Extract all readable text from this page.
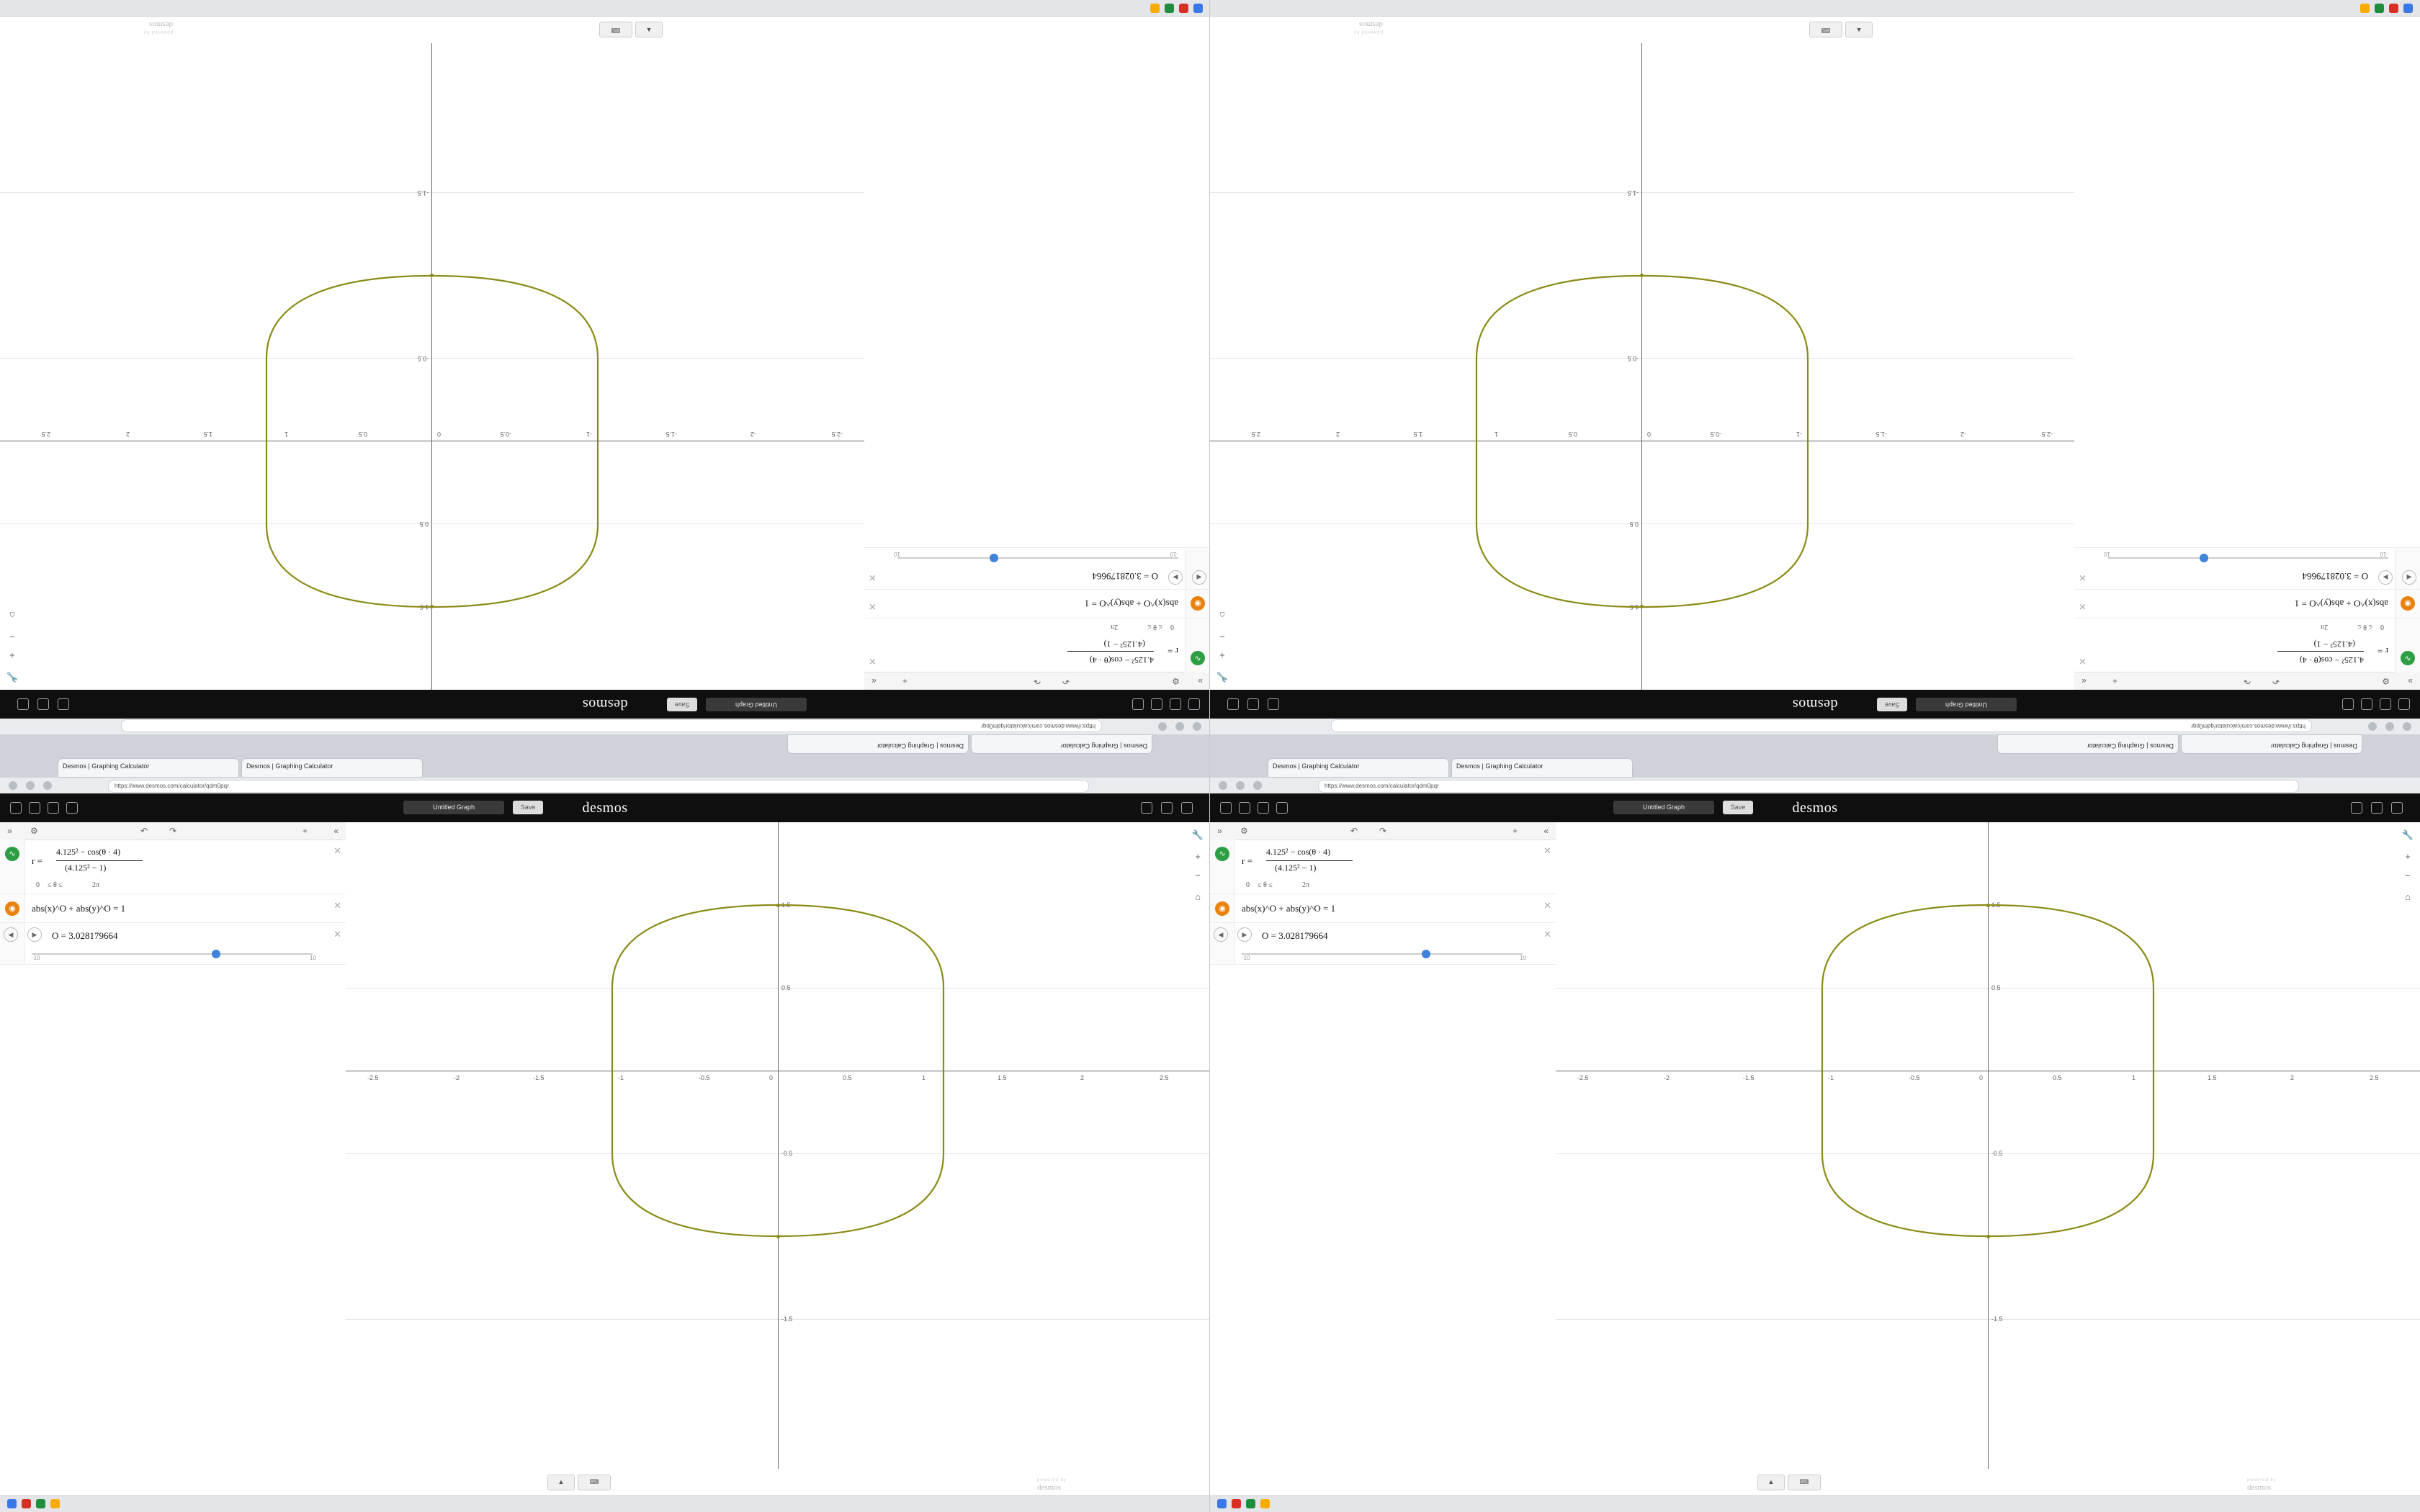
Desmos | Graphing Calculator
Desmos | Graphing Calculator
https://www.desmos.com/calculator/qdm0pqr
desmos	Untitled Graph
Save
»
⚙
↶
↷
+
«
∿
r =
4.125² − cos(θ · 4)
(4.125² − 1)
0
≤ θ ≤
2π
✕
◉
abs(x)^O + abs(y)^O = 1
✕
◀
▶
O = 3.028179664
-10
10
✕
0	-0.5
0.5	-1
1	-1.5
1.5	-2
2	-2.5
2.5
1.5
0.5
-0.5
-1.5
🔧
+
−
⌂
▲
⌨
powered by
desmos
Desmos | Graphing Calculator
Desmos | Graphing Calculator
https://www.desmos.com/calculator/qdm0pqr
desmos	Untitled Graph
Save
»
⚙
↶
↷
+
«
∿
r =
4.125² − cos(θ · 4)
(4.125² − 1)
0
≤ θ ≤
2π
✕
◉
abs(x)^O + abs(y)^O = 1
✕
◀
▶
O = 3.028179664
-10
10
✕
0	-0.5
0.5	-1
1	-1.5
1.5	-2
2	-2.5
2.5
1.5
0.5
-0.5
-1.5
🔧
+
−
⌂
▲
⌨
powered by
desmos
Desmos | Graphing Calculator	Desmos | Graphing Calculator
https://www.desmos.com/calculator/qdm0pqr
desmos
Untitled Graph	Save
» ⚙	↶ ↷	+	«
∿
r =
4.125² − cos(θ · 4)
(4.125² − 1)
0 ≤ θ ≤	2π
✕
◉	abs(x)^O + abs(y)^O = 1	✕
◀	▶	O = 3.028179664
-10	10
✕
0
-0.5	0.5
-1	1
-1.5	1.5
-2	2
-2.5	2.5
1.5
0.5
-0.5
-1.5
🔧
+
−
⌂
▲	⌨	powered by
desmos
Desmos | Graphing Calculator	Desmos | Graphing Calculator
https://www.desmos.com/calculator/qdm0pqr
desmos
Untitled Graph	Save
» ⚙	↶ ↷	+	«
∿
r =
4.125² − cos(θ · 4)
(4.125² − 1)
0 ≤ θ ≤	2π
✕
◉	abs(x)^O + abs(y)^O = 1	✕
◀	▶	O = 3.028179664
-10	10
✕
0
-0.5	0.5
-1	1
-1.5	1.5
-2	2
-2.5	2.5
1.5
0.5
-0.5
-1.5
🔧
+
−
⌂
▲	⌨	powered by
desmos
